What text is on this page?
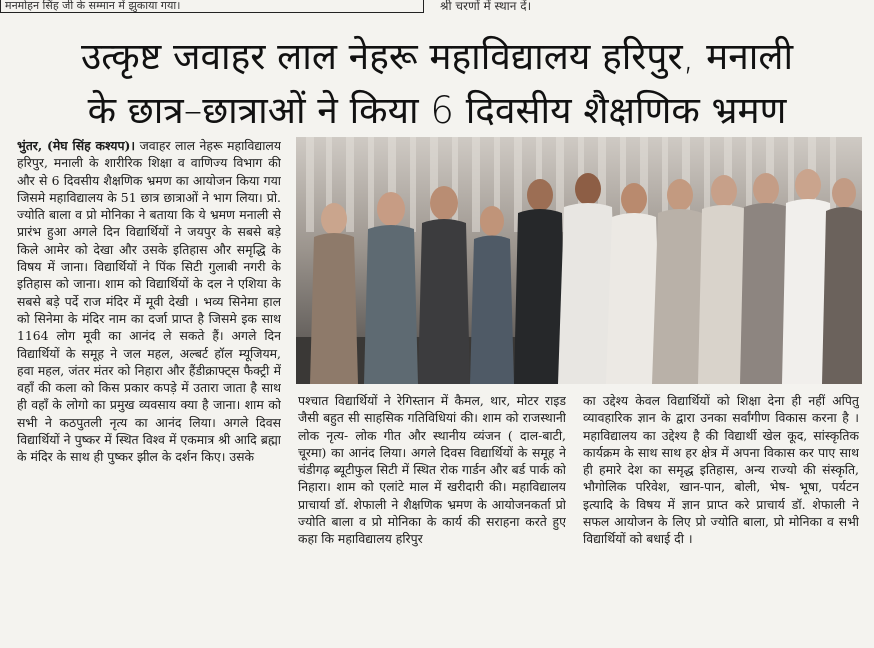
मनमोहन सिंह जी के सम्मान में झुकाया गया।	श्री चरणों में स्थान दें।
उत्कृष्ट जवाहर लाल नेहरू महाविद्यालय हरिपुर, मनाली
के छात्र–छात्राओं ने किया 6 दिवसीय शैक्षणिक भ्रमण
भुंतर, (मेघ सिंह कश्यप)। जवाहर लाल नेहरू महाविद्यालय हरिपुर, मनाली के शारीरिक शिक्षा व वाणिज्य विभाग की और से 6 दिवसीय शैक्षणिक भ्रमण का आयोजन किया गया जिसमे महाविद्यालय के 51 छात्र छात्राओं ने भाग लिया। प्रो. ज्योति बाला व प्रो मोनिका ने बताया कि ये भ्रमण मनाली से प्रारंभ हुआ अगले दिन विद्यार्थियों ने जयपुर के सबसे बड़े किले आमेर को देखा और उसके इतिहास और समृद्धि के विषय में जाना। विद्यार्थियों ने पिंक सिटी गुलाबी नगरी के इतिहास को जाना। शाम को विद्यार्थियों के दल ने एशिया के सबसे बड़े पर्दे राज मंदिर में मूवी देखी । भव्य सिनेमा हाल को सिनेमा के मंदिर नाम का दर्जा प्राप्त है जिसमे इक साथ 1164 लोग मूवी का आनंद ले सकते हैं। अगले दिन विद्यार्थियों के समूह ने जल महल, अल्बर्ट हॉल म्यूजियम, हवा महल, जंतर मंतर को निहारा और हैंडीक्राफ्ट्स फैक्ट्री में वहाँ की कला को किस प्रकार कपड़े में उतारा जाता है साथ ही वहाँ के लोगो का प्रमुख व्यवसाय क्या है जाना। शाम को सभी ने कठपुतली नृत्य का आनंद लिया। अगले दिवस विद्यार्थियों ने पुष्कर में स्थित विश्व में एकमात्र श्री आदि ब्रह्मा के मंदिर के साथ ही पुष्कर झील के दर्शन किए। उसके
पश्चात विद्यार्थियों ने रेगिस्तान में कैमल, थार, मोटर राइड जैसी बहुत सी साहसिक गतिविधियां की। शाम को राजस्थानी लोक नृत्य- लोक गीत और स्थानीय व्यंजन ( दाल-बाटी, चूरमा) का आनंद लिया। अगले दिवस विद्यार्थियों के समूह ने चंडीगढ़ ब्यूटीफुल सिटी में स्थित रोक गार्डन और बर्ड पार्क को निहारा। शाम को एलांटे माल में खरीदारी की। महाविद्यालय प्राचार्या डॉ. शेफाली ने शैक्षणिक भ्रमण के आयोजनकर्ता प्रो ज्योति बाला व प्रो मोनिका के कार्य की सराहना करते हुए कहा कि महाविद्यालय हरिपुर
का उद्देश्य केवल विद्यार्थियों को शिक्षा देना ही नहीं अपितु व्यावहारिक ज्ञान के द्वारा उनका सर्वांगीण विकास करना है । महाविद्यालय का उद्देश्य है की विद्यार्थी खेल कूद, सांस्कृतिक कार्यक्रम के साथ साथ हर क्षेत्र में अपना विकास कर पाए साथ ही हमारे देश का समृद्ध इतिहास, अन्य राज्यो की संस्कृति, भौगोलिक परिवेश, खान-पान, बोली, भेष- भूषा, पर्यटन इत्यादि के विषय में ज्ञान प्राप्त करे प्राचार्य डॉ. शेफाली ने सफल आयोजन के लिए प्रो ज्योति बाला, प्रो मोनिका व सभी विद्यार्थियों को बधाई दी ।
